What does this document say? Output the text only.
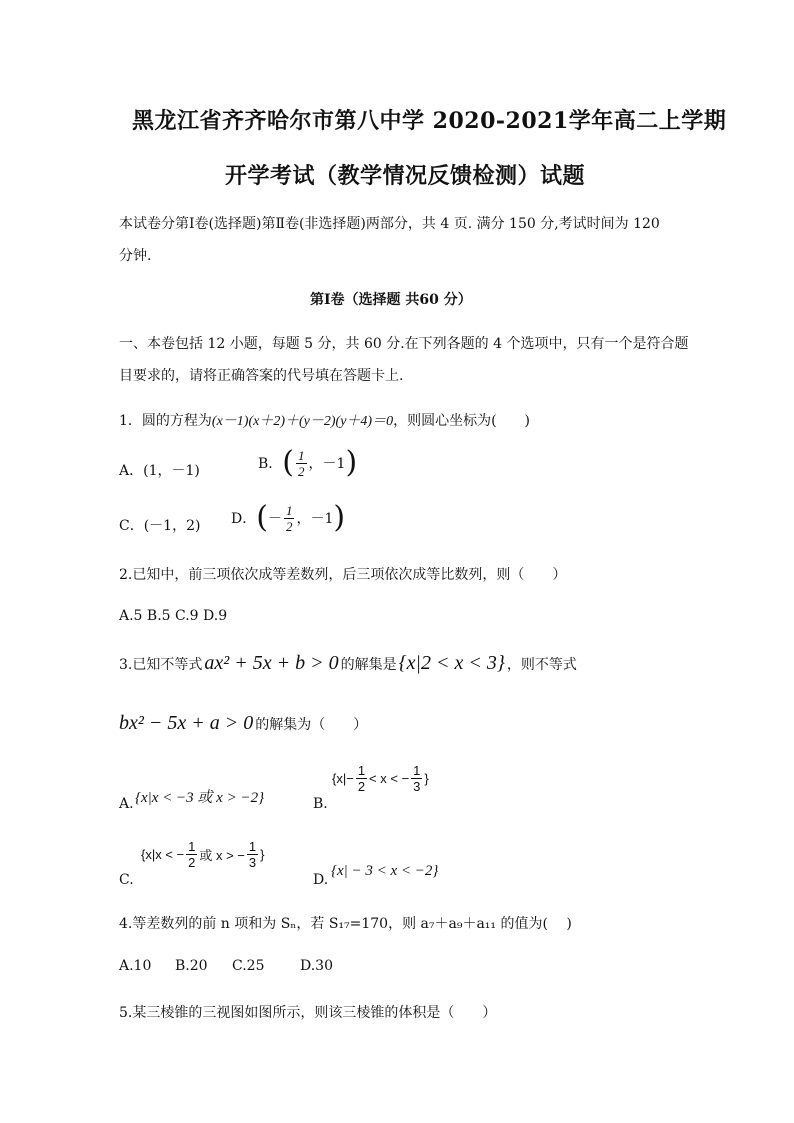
黑龙江省齐齐哈尔市第八中学 2020-2021学年高二上学期
开学考试（教学情况反馈检测）试题
本试卷分第Ⅰ卷(选择题)第Ⅱ卷(非选择题)两部分，共 4 页. 满分 150 分,考试时间为 120
分钟.
第Ⅰ卷（选择题 共60 分）
一、本卷包括 12 小题，每题 5 分，共 60 分.在下列各题的 4 个选项中，只有一个是符合题
目要求的，请将正确答案的代号填在答题卡上.
1．圆的方程为(x－1)(x＋2)＋(y－2)(y＋4)＝0，则圆心坐标为(　　)
A．(1，－1)	B． ( $\frac{1}{2}$ ，－1 )
C．(－1，2) D． ( － $\frac{1}{2}$ ，－1 )
2.已知中，前三项依次成等差数列，后三项依次成等比数列，则（　　）
A.5 B.5 C.9 D.9
3.已知不等式 ax² + 5x + b > 0 的解集是 {x|2 < x < 3} ，则不等式
bx² − 5x + a > 0 的解集为（　　）
A. {x|x < −3 或 x > −2}	B.
{$x|- \frac{1}{2} < x$ < − $\frac{1}{3}$ }
C.
{x|x < − $\frac{1}{2}$ 或 x > − $\frac{1}{3}$ }
D.
{x| − 3 < x < −2}
4.等差数列的前 n 项和为 Sₙ，若 S₁₇=170，则 a₇＋a₉＋a₁₁ 的值为(　 )
A.10 B.20 C.25	D.30
5.某三棱锥的三视图如图所示，则该三棱锥的体积是（　　）
